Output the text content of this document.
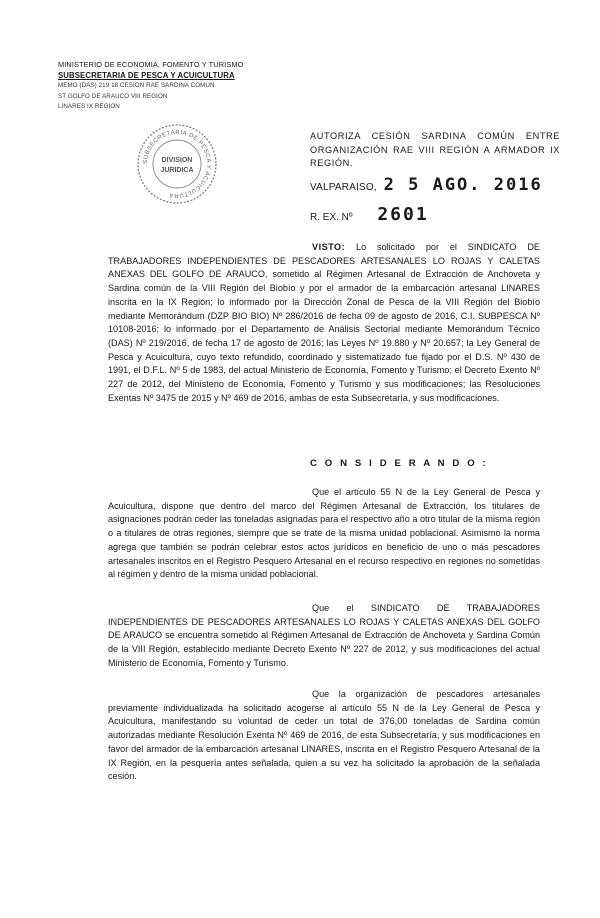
MINISTERIO DE ECONOMIA, FOMENTO Y TURISMO
SUBSECRETARIA DE PESCA Y ACUICULTURA
MEMO (DAS) 219 18 CESION RAE SARDINA COMUN
ST GOLFO DE ARAUCO VIII REGION
LINARES IX REGION
SUBSECRETARIA DE PESCA Y ACUICULTURA
DIVISION
JURIDICA
AUTORIZA CESIÓN SARDINA COMÚN ENTRE ORGANIZACIÓN RAE VIII REGIÓN A ARMADOR IX REGIÓN.
VALPARAISO, 2 5 AGO. 2016
R. EX. Nº 2601

VISTO: Lo solicitado por el SINDICATO DE TRABAJADORES INDEPENDIENTES DE PESCADORES ARTESANALES LO ROJAS Y CALETAS ANEXAS DEL GOLFO DE ARAUCO, sometido al Régimen Artesanal de Extracción de Anchoveta y Sardina común de la VIII Región del Biobío y por el armador de la embarcación artesanal LINARES inscrita en la IX Región; lo informado por la Dirección Zonal de Pesca de la VIII Región del Biobío mediante Memorándum (DZP BIO BIO) Nº 286/2016 de fecha 09 de agosto de 2016, C.I. SUBPESCA Nº 10108-2016; lo informado por el Departamento de Análisis Sectorial mediante Memorándum Técnico (DAS) Nº 219/2016, de fecha 17 de agosto de 2016; las Leyes Nº 19.880 y Nº 20.657; la Ley General de Pesca y Acuicultura, cuyo texto refundido, coordinado y sistematizado fue fijado por el D.S. Nº 430 de 1991, el D.F.L. Nº 5 de 1983, del actual Ministerio de Economía, Fomento y Turismo; el Decreto Exento Nº 227 de 2012, del Ministerio de Economía, Fomento y Turismo y sus modificaciones; las Resoluciones Exentas Nº 3475 de 2015 y Nº 469 de 2016, ambas de esta Subsecretaría, y sus modificaciones.

C O N S I D E R A N D O :

Que el artículo 55 N de la Ley General de Pesca y Acuicultura, dispone que dentro del marco del Régimen Artesanal de Extracción, los titulares de asignaciones podrán ceder las toneladas asignadas para el respectivo año a otro titular de la misma región o a titulares de otras regiones, siempre que se trate de la misma unidad poblacional. Asimismo la norma agrega que también se podrán celebrar estos actos jurídicos en beneficio de uno o más pescadores artesanales inscritos en el Registro Pesquero Artesanal en el recurso respectivo en regiones no sometidas al régimen y dentro de la misma unidad poblacional.

Que el SINDICATO DE TRABAJADORES INDEPENDIENTES DE PESCADORES ARTESANALES LO ROJAS Y CALETAS ANEXAS DEL GOLFO DE ARAUCO se encuentra sometido al Régimen Artesanal de Extracción de Anchoveta y Sardina Común de la VIII Región, establecido mediante Decreto Exento Nº 227 de 2012, y sus modificaciones del actual Ministerio de Economía, Fomento y Turismo.

Que la organización de pescadores artesanales previamente individualizada ha solicitado acogerse al artículo 55 N de la Ley General de Pesca y Acuicultura, manifestando su voluntad de ceder un total de 376,00 toneladas de Sardina común autorizadas mediante Resolución Exenta Nº 469 de 2016, de esta Subsecretaría, y sus modificaciones en favor del armador de la embarcación artesanal LINARES, inscrita en el Registro Pesquero Artesanal de la IX Región, en la pesquería antes señalada, quien a su vez ha solicitado la aprobación de la señalada cesión.
